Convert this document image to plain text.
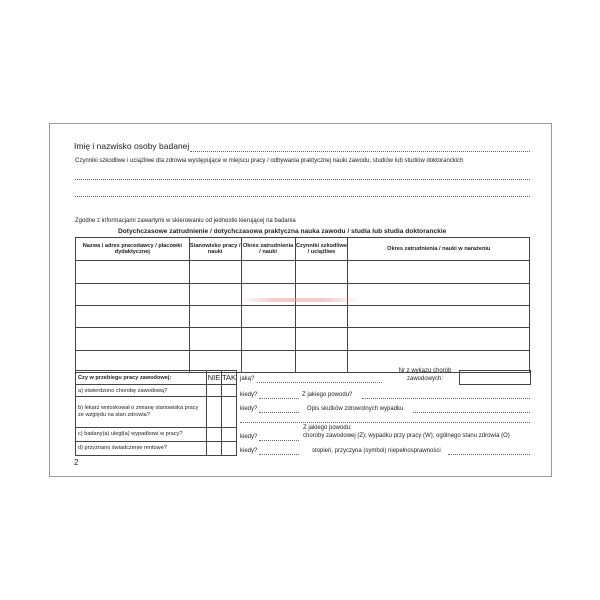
Imię i nazwisko osoby badanej
Czynniki szkodliwe i uciążliwe dla zdrowia występujące w miejscu pracy / odbywania praktycznej nauki zawodu, studiów lub studiów doktoranckich
Zgodne z informacjami zawartymi w skierowaniu od jednostki kierującej na badania
Dotychczasowe zatrudnienie / dotychczasowa praktyczna nauka zawodu / studia lub studia doktoranckie
Nazwa i adres pracodawcy / placówki dydaktycznej	Stanowisko pracy / nauki	Okres zatrudnienia / nauki	Czynniki szkodliwe / uciążliwe	Okres zatrudnienia / nauki w narażeniu

Czy w przebiegu pracy zawodowej:	NIE	TAK
a) stwierdzono chorobę zawodową?		
b) lekarz wnioskował o zmianę stanowiska pracy ze względu na stan zdrowia?		
c) badany(a) uległ(a) wypadkowi w pracy?		
d) przyznano świadczenie rentowe?		
jaką?
Nr z wykazu chorób zawodowych:
kiedy?	Z jakiego powodu?
kiedy?	Opis skutków zdrowotnych wypadku
Z jakiego powodu:
kiedy?	choroby zawodowej (Z); wypadku przy pracy (W); ogólnego stanu zdrowia (O)
kiedy?	stopień, przyczyna (symbol) niepełnosprawności
2
